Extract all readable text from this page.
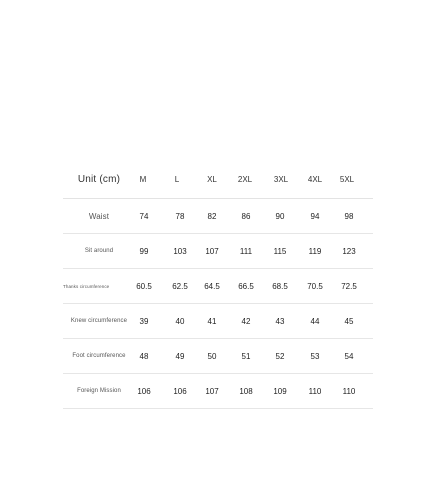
Unit (cm)	M	L	XL	2XL	3XL	4XL	5XL
Waist	74	78	82	86	90	94	98
Sit around	99	103	107	111	115	119	123
Thanks circumference	60.5	62.5	64.5	66.5	68.5	70.5	72.5
Knew circumference	39	40	41	42	43	44	45
Foot circumference	48	49	50	51	52	53	54
Foreign Mission	106	106	107	108	109	110	110
